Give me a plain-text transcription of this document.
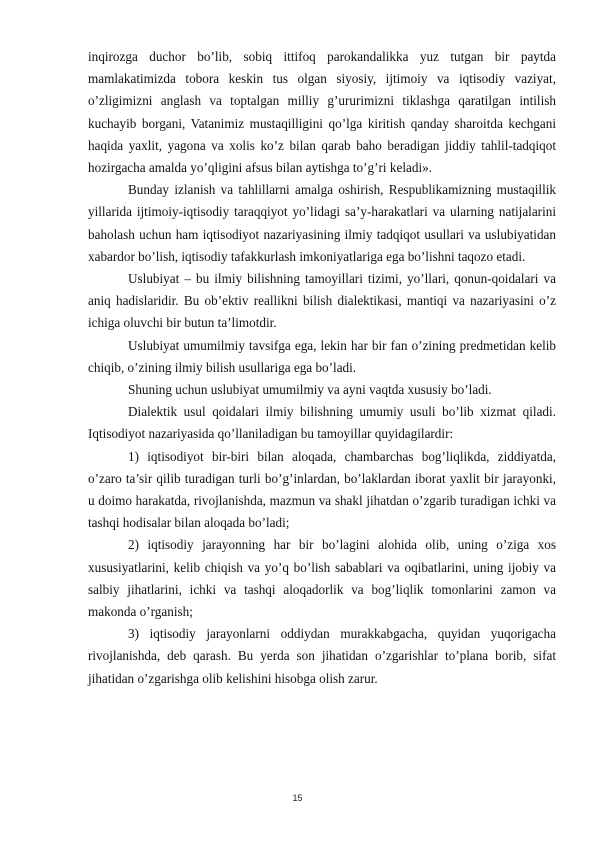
inqirozga duchor bo’lib, sobiq ittifoq parokandalikka yuz tutgan bir paytda mamlakatimizda tobora keskin tus olgan siyosiy, ijtimoiy va iqtisodiy vaziyat, o’zligimizni anglash va toptalgan milliy g’ururimizni tiklashga qaratilgan intilish kuchayib borgani, Vatanimiz mustaqilligini qo’lga kiritish qanday sharoitda kechgani haqida yaxlit, yagona va xolis ko’z bilan qarab baho beradigan jiddiy tahlil-tadqiqot hozirgacha amalda yo’qligini afsus bilan aytishga to’g’ri keladi».

Bunday izlanish va tahlillarni amalga oshirish, Respublikamizning mustaqillik yillarida ijtimoiy-iqtisodiy taraqqiyot yo’lidagi sa’y-harakatlari va ularning natijalarini baholash uchun ham iqtisodiyot nazariyasining ilmiy tadqiqot usullari va uslubiyatidan xabardor bo’lish, iqtisodiy tafakkurlash imkoniyatlariga ega bo’lishni taqozo etadi.

Uslubiyat – bu ilmiy bilishning tamoyillari tizimi, yo’llari, qonun-qoidalari va aniq hadislaridir. Bu ob’ektiv reallikni bilish dialektikasi, mantiqi va nazariyasini o’z ichiga oluvchi bir butun ta’limotdir.

Uslubiyat umumilmiy tavsifga ega, lekin har bir fan o’zining predmetidan kelib chiqib, o’zining ilmiy bilish usullariga ega bo’ladi.

Shuning uchun uslubiyat umumilmiy va ayni vaqtda xususiy bo’ladi.

Dialektik usul qoidalari ilmiy bilishning umumiy usuli bo’lib xizmat qiladi. Iqtisodiyot nazariyasida qo’llaniladigan bu tamoyillar quyidagilardir:

1) iqtisodiyot bir-biri bilan aloqada, chambarchas bog’liqlikda, ziddiyatda, o’zaro ta’sir qilib turadigan turli bo’g’inlardan, bo’laklardan iborat yaxlit bir jarayonki, u doimo harakatda, rivojlanishda, mazmun va shakl jihatdan o’zgarib turadigan ichki va tashqi hodisalar bilan aloqada bo’ladi;

2) iqtisodiy jarayonning har bir bo’lagini alohida olib, uning o’ziga xos xususiyatlarini, kelib chiqish va yo’q bo’lish sabablari va oqibatlarini, uning ijobiy va salbiy jihatlarini, ichki va tashqi aloqadorlik va bog’liqlik tomonlarini zamon va makonda o’rganish;

3) iqtisodiy jarayonlarni oddiydan murakkabgacha, quyidan yuqorigacha rivojlanishda, deb qarash. Bu yerda son jihatidan o’zgarishlar to’plana borib, sifat jihatidan o’zgarishga olib kelishini hisobga olish zarur.

15
